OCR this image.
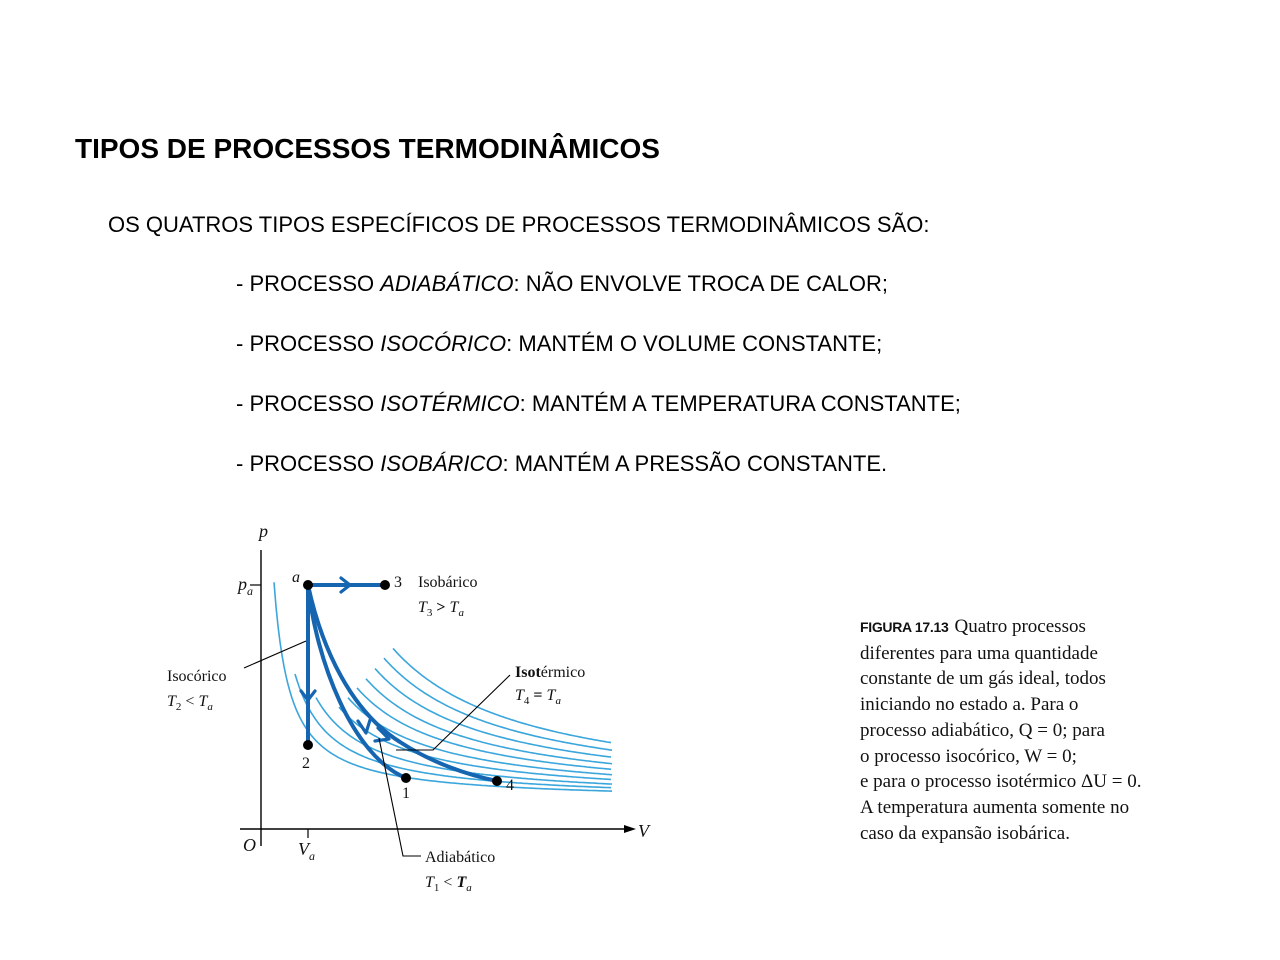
TIPOS DE PROCESSOS TERMODINÂMICOS
OS QUATROS TIPOS ESPECÍFICOS DE PROCESSOS TERMODINÂMICOS SÃO:
- PROCESSO ADIABÁTICO: NÃO ENVOLVE TROCA DE CALOR;
- PROCESSO ISOCÓRICO: MANTÉM O VOLUME CONSTANTE;
- PROCESSO ISOTÉRMICO: MANTÉM A TEMPERATURA CONSTANTE;
- PROCESSO ISOBÁRICO: MANTÉM A PRESSÃO CONSTANTE.
p
V
O
$p_a$
$V_a$
a	3
2
1	4
Isobárico
$T_3 > T_a$
Isocórico
$T_2 < T_a$
Isotérmico
$T_4 = T_a$
Adiabático
$T_1 < T_a$
FIGURA 17.13 Quatro processos
diferentes para uma quantidade
constante de um gás ideal, todos
iniciando no estado a. Para o
processo adiabático, Q = 0; para
o processo isocórico, W = 0;
e para o processo isotérmico ΔU = 0.
A temperatura aumenta somente no
caso da expansão isobárica.
